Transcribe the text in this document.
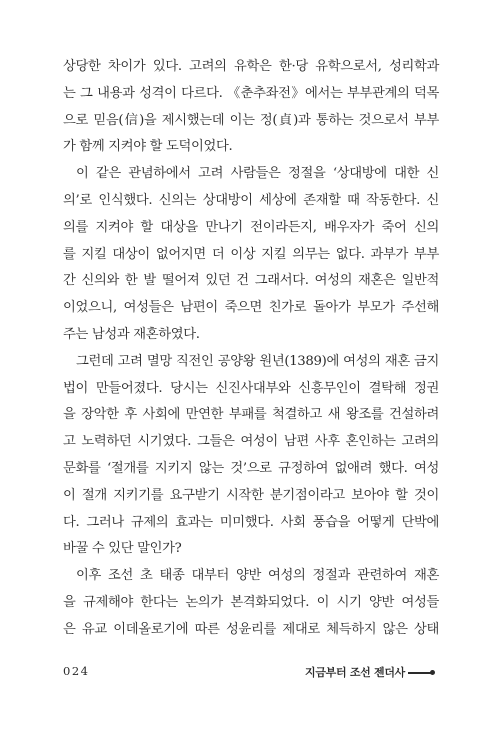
상당한 차이가 있다. 고려의 유학은 한·당 유학으로서, 성리학과
는 그 내용과 성격이 다르다. 《춘추좌전》에서는 부부관계의 덕목
으로 믿음(信)을 제시했는데 이는 정(貞)과 통하는 것으로서 부부
가 함께 지켜야 할 도덕이었다.
이 같은 관념하에서 고려 사람들은 정절을 ‘상대방에 대한 신
의’로 인식했다. 신의는 상대방이 세상에 존재할 때 작동한다. 신
의를 지켜야 할 대상을 만나기 전이라든지, 배우자가 죽어 신의
를 지킬 대상이 없어지면 더 이상 지킬 의무는 없다. 과부가 부부
간 신의와 한 발 떨어져 있던 건 그래서다. 여성의 재혼은 일반적
이었으니, 여성들은 남편이 죽으면 친가로 돌아가 부모가 주선해
주는 남성과 재혼하였다.
그런데 고려 멸망 직전인 공양왕 원년(1389)에 여성의 재혼 금지
법이 만들어졌다. 당시는 신진사대부와 신흥무인이 결탁해 정권
을 장악한 후 사회에 만연한 부패를 척결하고 새 왕조를 건설하려
고 노력하던 시기였다. 그들은 여성이 남편 사후 혼인하는 고려의
문화를 ‘절개를 지키지 않는 것’으로 규정하여 없애려 했다. 여성
이 절개 지키기를 요구받기 시작한 분기점이라고 보아야 할 것이
다. 그러나 규제의 효과는 미미했다. 사회 풍습을 어떻게 단박에
바꿀 수 있단 말인가?
이후 조선 초 태종 대부터 양반 여성의 정절과 관련하여 재혼
을 규제해야 한다는 논의가 본격화되었다. 이 시기 양반 여성들
은 유교 이데올로기에 따른 성윤리를 제대로 체득하지 않은 상태
024	지금부터 조선 젠더사
